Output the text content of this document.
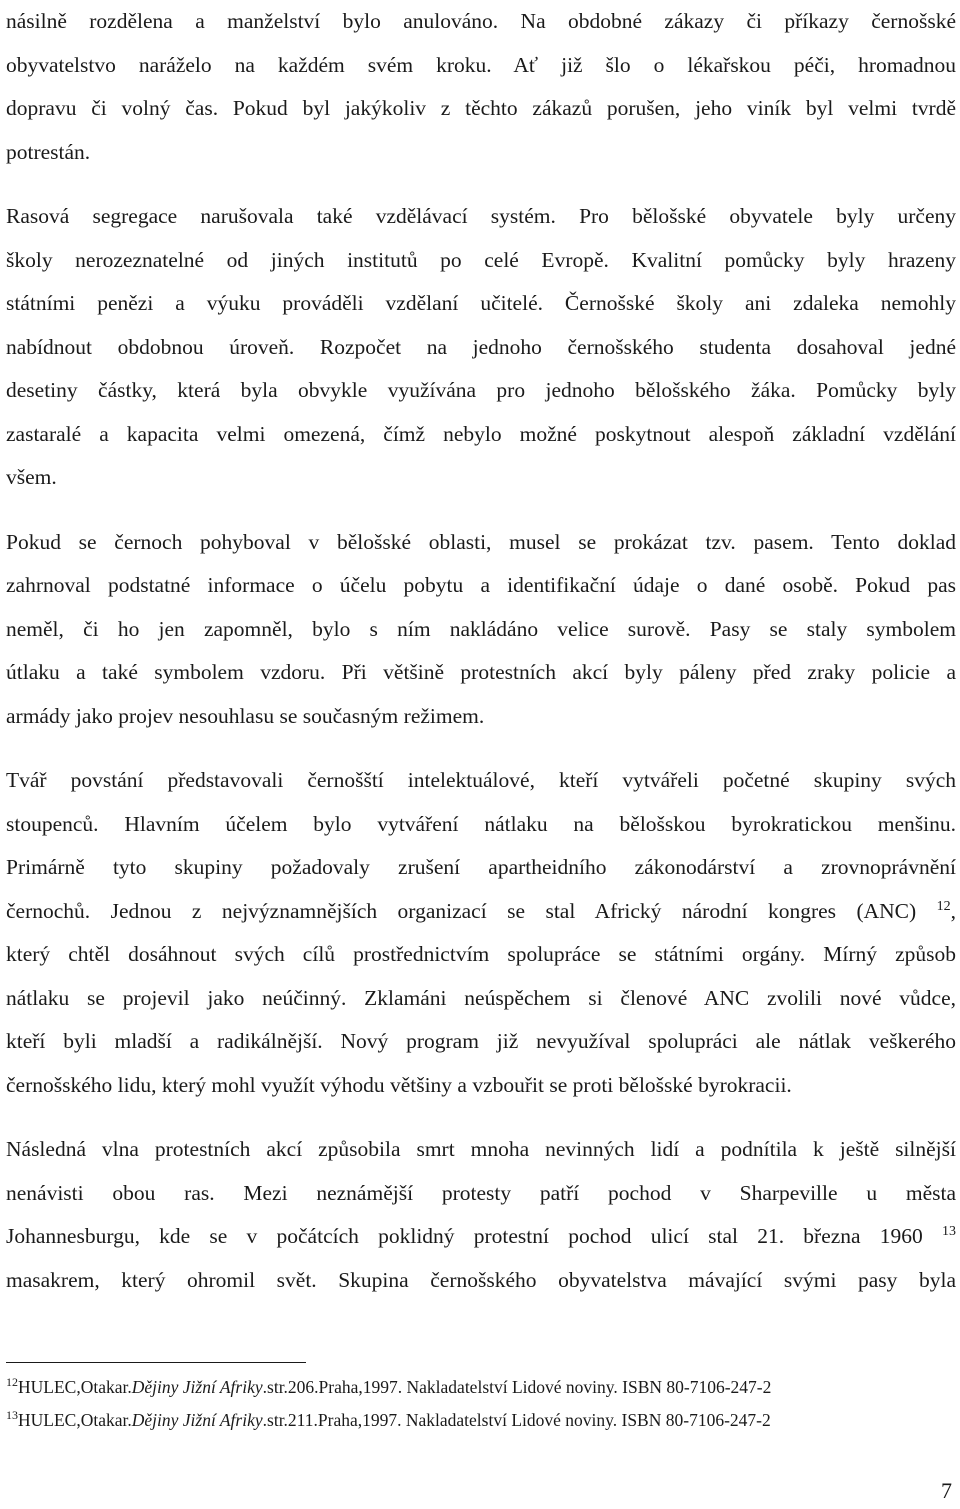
násilně rozdělena a manželství bylo anulováno. Na obdobné zákazy či příkazy černošské
obyvatelstvo naráželo na každém svém kroku. Ať již šlo o lékařskou péči, hromadnou
dopravu či volný čas. Pokud byl jakýkoliv z těchto zákazů porušen, jeho viník byl velmi tvrdě
potrestán.

Rasová segregace narušovala také vzdělávací systém. Pro bělošské obyvatele byly určeny
školy nerozeznatelné od jiných institutů po celé Evropě. Kvalitní pomůcky byly hrazeny
státními penězi a výuku prováděli vzdělaní učitelé. Černošské školy ani zdaleka nemohly
nabídnout obdobnou úroveň. Rozpočet na jednoho černošského studenta dosahoval jedné
desetiny částky, která byla obvykle využívána pro jednoho bělošského žáka. Pomůcky byly
zastaralé a kapacita velmi omezená, čímž nebylo možné poskytnout alespoň základní vzdělání
všem.

Pokud se černoch pohyboval v bělošské oblasti, musel se prokázat tzv. pasem. Tento doklad
zahrnoval podstatné informace o účelu pobytu a identifikační údaje o dané osobě. Pokud pas
neměl, či ho jen zapomněl, bylo s ním nakládáno velice surově. Pasy se staly symbolem
útlaku a také symbolem vzdoru. Při většině protestních akcí byly páleny před zraky policie a
armády jako projev nesouhlasu se současným režimem.

Tvář povstání představovali černošští intelektuálové, kteří vytvářeli početné skupiny svých
stoupenců. Hlavním účelem bylo vytváření nátlaku na bělošskou byrokratickou menšinu.
Primárně tyto skupiny požadovaly zrušení apartheidního zákonodárství a zrovnoprávnění
černochů. Jednou z nejvýznamnějších organizací se stal Africký národní kongres (ANC) $^{12}$,
který chtěl dosáhnout svých cílů prostřednictvím spolupráce se státními orgány. Mírný způsob
nátlaku se projevil jako neúčinný. Zklamáni neúspěchem si členové ANC zvolili nové vůdce,
kteří byli mladší a radikálnější. Nový program již nevyužíval spolupráci ale nátlak veškerého
černošského lidu, který mohl využít výhodu většiny a vzbouřit se proti bělošské byrokracii.

Následná vlna protestních akcí způsobila smrt mnoha nevinných lidí a podnítila k ještě silnější
nenávisti obou ras. Mezi neznámější protesty patří pochod v Sharpeville u města
Johannesburgu, kde se v počátcích poklidný protestní pochod ulicí stal 21. března 1960 $^{13}$
masakrem, který ohromil svět. Skupina černošského obyvatelstva mávající svými pasy byla

$^{12}$HULEC,Otakar.Dějiny Jižní Afriky.str.206.Praha,1997. Nakladatelství Lidové noviny. ISBN 80-7106-247-2
$^{13}$HULEC,Otakar.Dějiny Jižní Afriky.str.211.Praha,1997. Nakladatelství Lidové noviny. ISBN 80-7106-247-2
7
